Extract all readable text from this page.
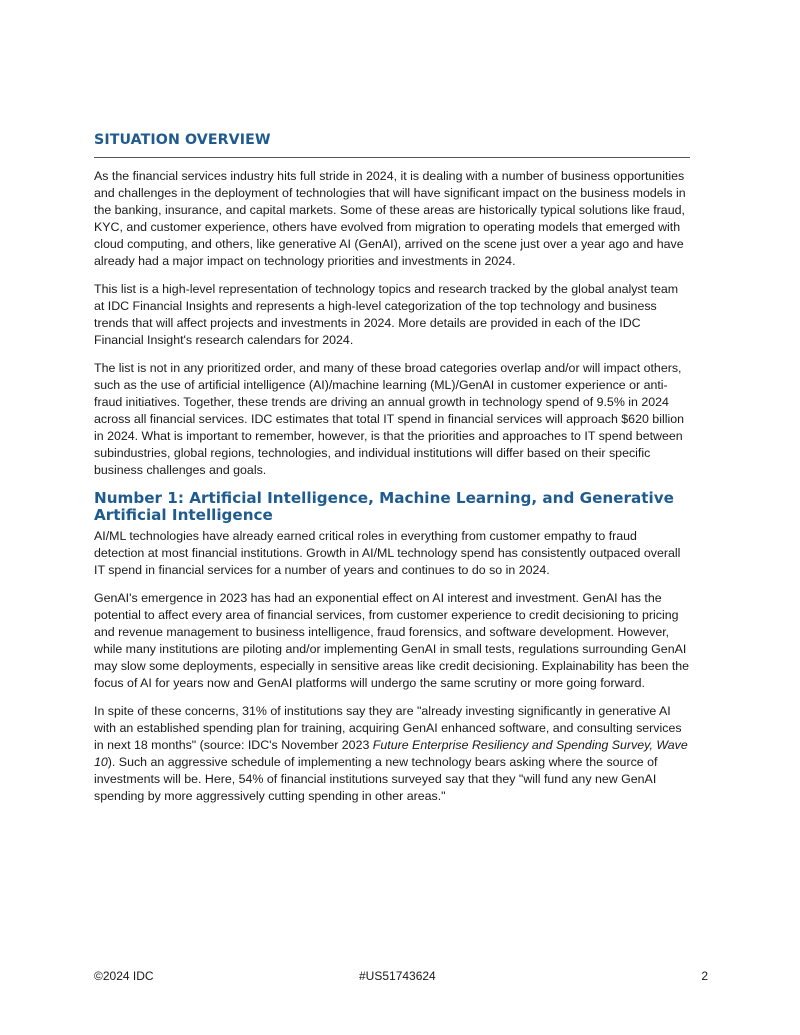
SITUATION OVERVIEW

As the financial services industry hits full stride in 2024, it is dealing with a number of business opportunities and challenges in the deployment of technologies that will have significant impact on the business models in the banking, insurance, and capital markets. Some of these areas are historically typical solutions like fraud, KYC, and customer experience, others have evolved from migration to operating models that emerged with cloud computing, and others, like generative AI (GenAI), arrived on the scene just over a year ago and have already had a major impact on technology priorities and investments in 2024.

This list is a high-level representation of technology topics and research tracked by the global analyst team at IDC Financial Insights and represents a high-level categorization of the top technology and business trends that will affect projects and investments in 2024. More details are provided in each of the IDC Financial Insight's research calendars for 2024.

The list is not in any prioritized order, and many of these broad categories overlap and/or will impact others, such as the use of artificial intelligence (AI)/machine learning (ML)/GenAI in customer experience or anti-fraud initiatives. Together, these trends are driving an annual growth in technology spend of 9.5% in 2024 across all financial services. IDC estimates that total IT spend in financial services will approach $620 billion in 2024. What is important to remember, however, is that the priorities and approaches to IT spend between subindustries, global regions, technologies, and individual institutions will differ based on their specific business challenges and goals.

Number 1: Artificial Intelligence, Machine Learning, and Generative Artificial Intelligence

AI/ML technologies have already earned critical roles in everything from customer empathy to fraud detection at most financial institutions. Growth in AI/ML technology spend has consistently outpaced overall IT spend in financial services for a number of years and continues to do so in 2024.

GenAI's emergence in 2023 has had an exponential effect on AI interest and investment. GenAI has the potential to affect every area of financial services, from customer experience to credit decisioning to pricing and revenue management to business intelligence, fraud forensics, and software development. However, while many institutions are piloting and/or implementing GenAI in small tests, regulations surrounding GenAI may slow some deployments, especially in sensitive areas like credit decisioning. Explainability has been the focus of AI for years now and GenAI platforms will undergo the same scrutiny or more going forward.

In spite of these concerns, 31% of institutions say they are "already investing significantly in generative AI with an established spending plan for training, acquiring GenAI enhanced software, and consulting services in next 18 months" (source: IDC's November 2023 Future Enterprise Resiliency and Spending Survey, Wave 10). Such an aggressive schedule of implementing a new technology bears asking where the source of investments will be. Here, 54% of financial institutions surveyed say that they "will fund any new GenAI spending by more aggressively cutting spending in other areas."

©2024 IDC	#US51743624	2
